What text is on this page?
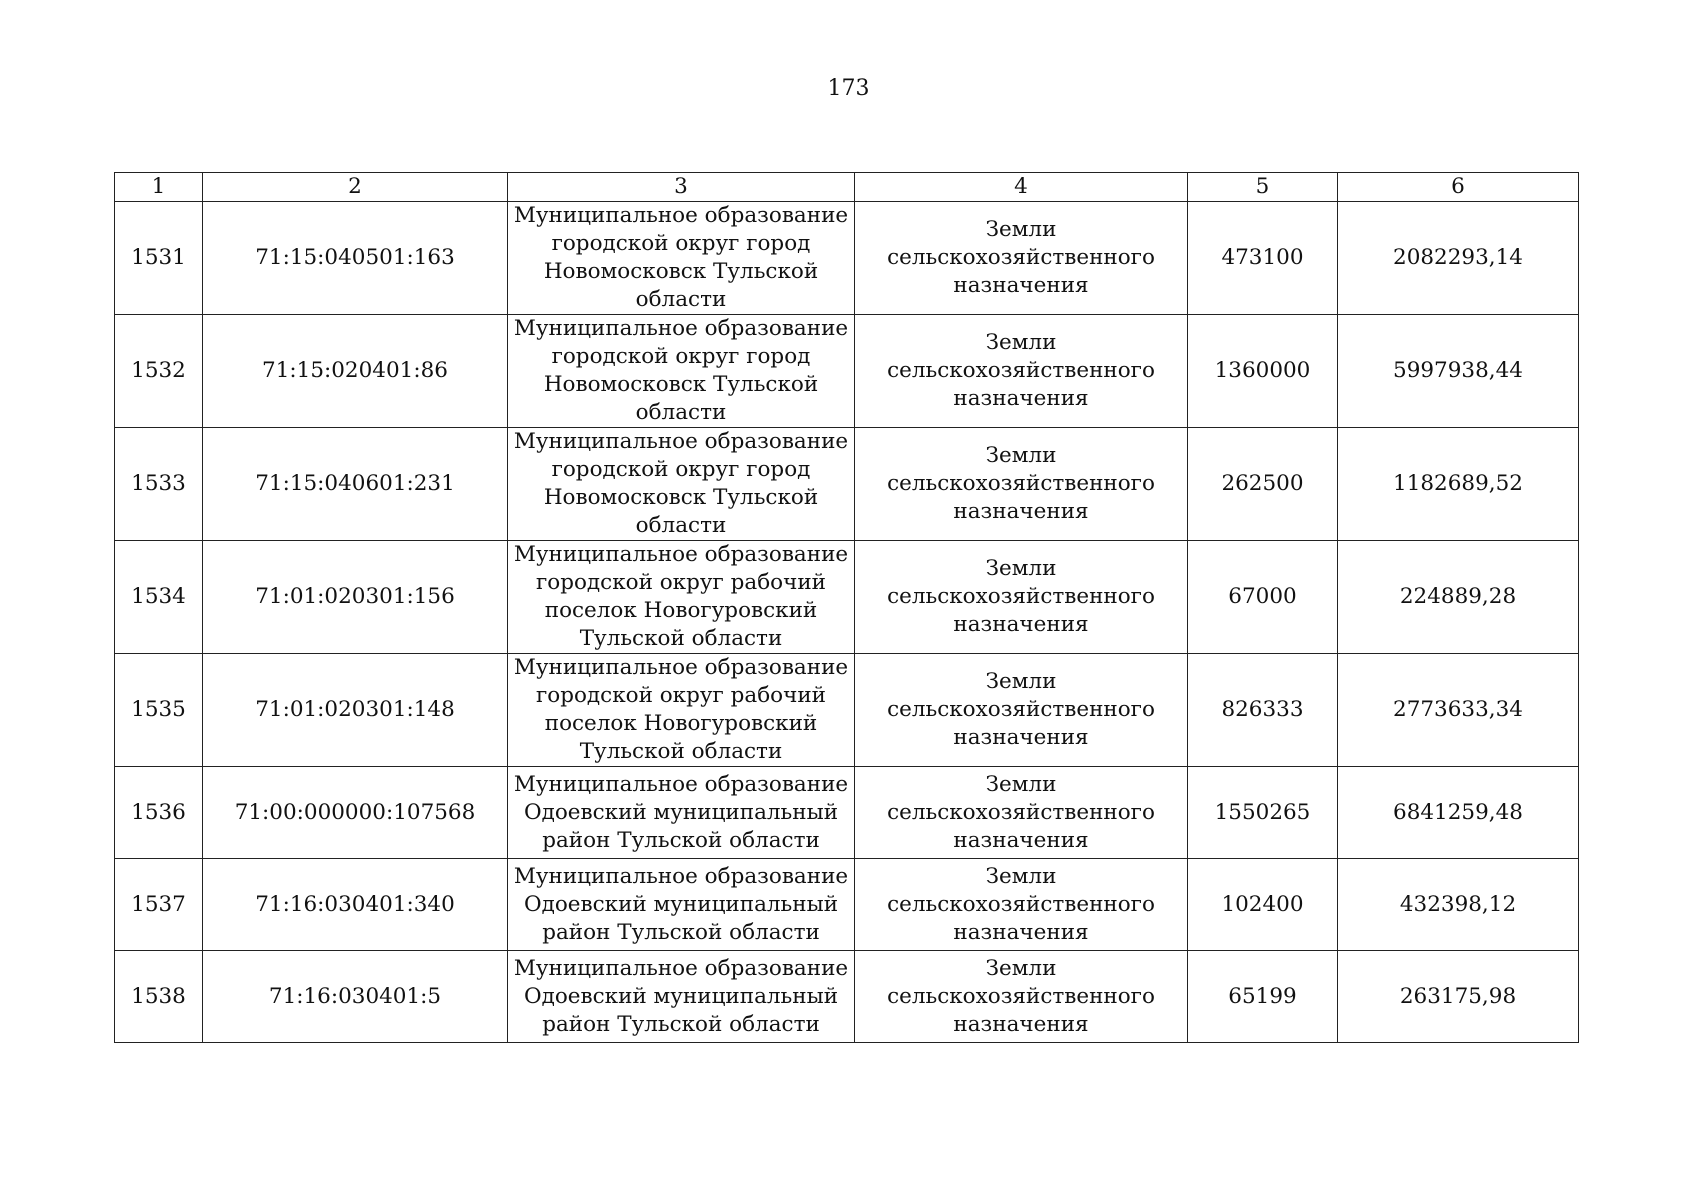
173
1	2	3	4	5	6
1531	71:15:040501:163	Муниципальное образование
городской округ город
Новомосковск Тульской
области	Земли
сельскохозяйственного
назначения	473100	2082293,14
1532	71:15:020401:86	Муниципальное образование
городской округ город
Новомосковск Тульской
области	Земли
сельскохозяйственного
назначения	1360000	5997938,44
1533	71:15:040601:231	Муниципальное образование
городской округ город
Новомосковск Тульской
области	Земли
сельскохозяйственного
назначения	262500	1182689,52
1534	71:01:020301:156	Муниципальное образование
городской округ рабочий
поселок Новогуровский
Тульской области	Земли
сельскохозяйственного
назначения	67000	224889,28
1535	71:01:020301:148	Муниципальное образование
городской округ рабочий
поселок Новогуровский
Тульской области	Земли
сельскохозяйственного
назначения	826333	2773633,34
1536	71:00:000000:107568	Муниципальное образование
Одоевский муниципальный
район Тульской области	Земли
сельскохозяйственного
назначения	1550265	6841259,48
1537	71:16:030401:340	Муниципальное образование
Одоевский муниципальный
район Тульской области	Земли
сельскохозяйственного
назначения	102400	432398,12
1538	71:16:030401:5	Муниципальное образование
Одоевский муниципальный
район Тульской области	Земли
сельскохозяйственного
назначения	65199	263175,98
